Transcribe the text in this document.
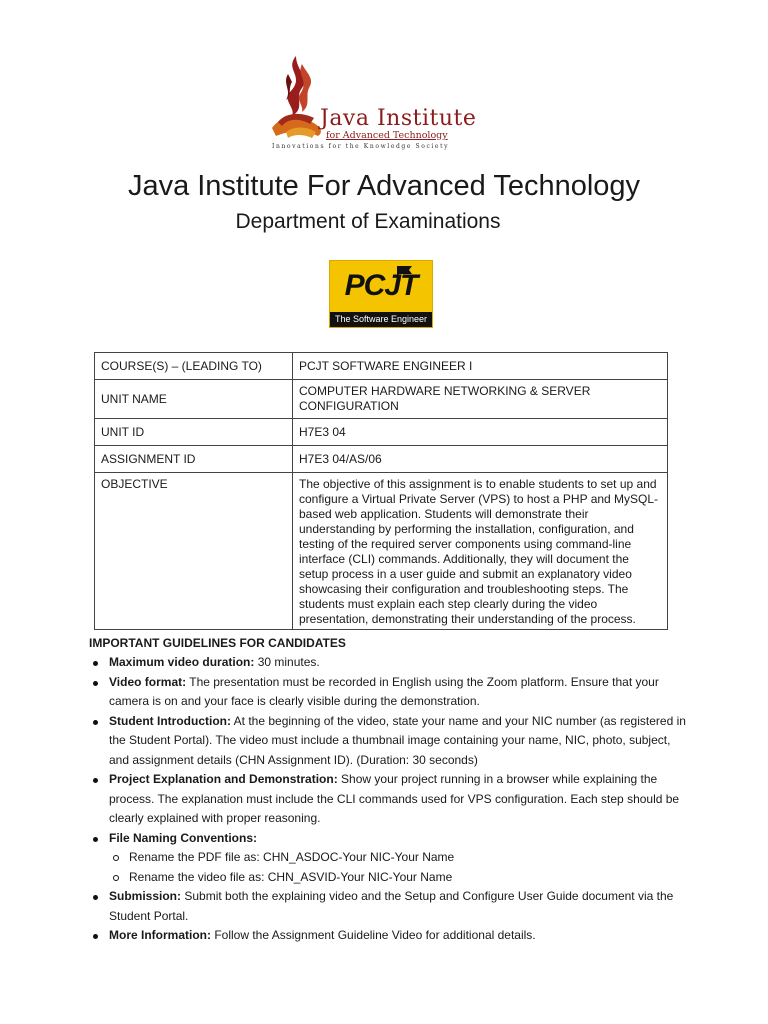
Java Institute
for Advanced Technology
Innovations for the Knowledge Society
Java Institute For Advanced Technology
Department of Examinations
PCJT
The Software Engineer
COURSE(S) – (LEADING TO)	PCJT SOFTWARE ENGINEER I
UNIT NAME	COMPUTER HARDWARE NETWORKING & SERVER CONFIGURATION
UNIT ID	H7E3 04
ASSIGNMENT ID	H7E3 04/AS/06
OBJECTIVE	The objective of this assignment is to enable students to set up and configure a Virtual Private Server (VPS) to host a PHP and MySQL-based web application. Students will demonstrate their understanding by performing the installation, configuration, and testing of the required server components using command-line interface (CLI) commands. Additionally, they will document the setup process in a user guide and submit an explanatory video showcasing their configuration and troubleshooting steps. The students must explain each step clearly during the video presentation, demonstrating their understanding of the process.
IMPORTANT GUIDELINES FOR CANDIDATES
Maximum video duration: 30 minutes.
Video format: The presentation must be recorded in English using the Zoom platform. Ensure that your camera is on and your face is clearly visible during the demonstration.
Student Introduction: At the beginning of the video, state your name and your NIC number (as registered in the Student Portal). The video must include a thumbnail image containing your name, NIC, photo, subject, and assignment details (CHN Assignment ID). (Duration: 30 seconds)
Project Explanation and Demonstration: Show your project running in a browser while explaining the process. The explanation must include the CLI commands used for VPS configuration. Each step should be clearly explained with proper reasoning.
File Naming Conventions:
Rename the PDF file as: CHN_ASDOC-Your NIC-Your Name
Rename the video file as: CHN_ASVID-Your NIC-Your Name
Submission: Submit both the explaining video and the Setup and Configure User Guide document via the Student Portal.
More Information: Follow the Assignment Guideline Video for additional details.
